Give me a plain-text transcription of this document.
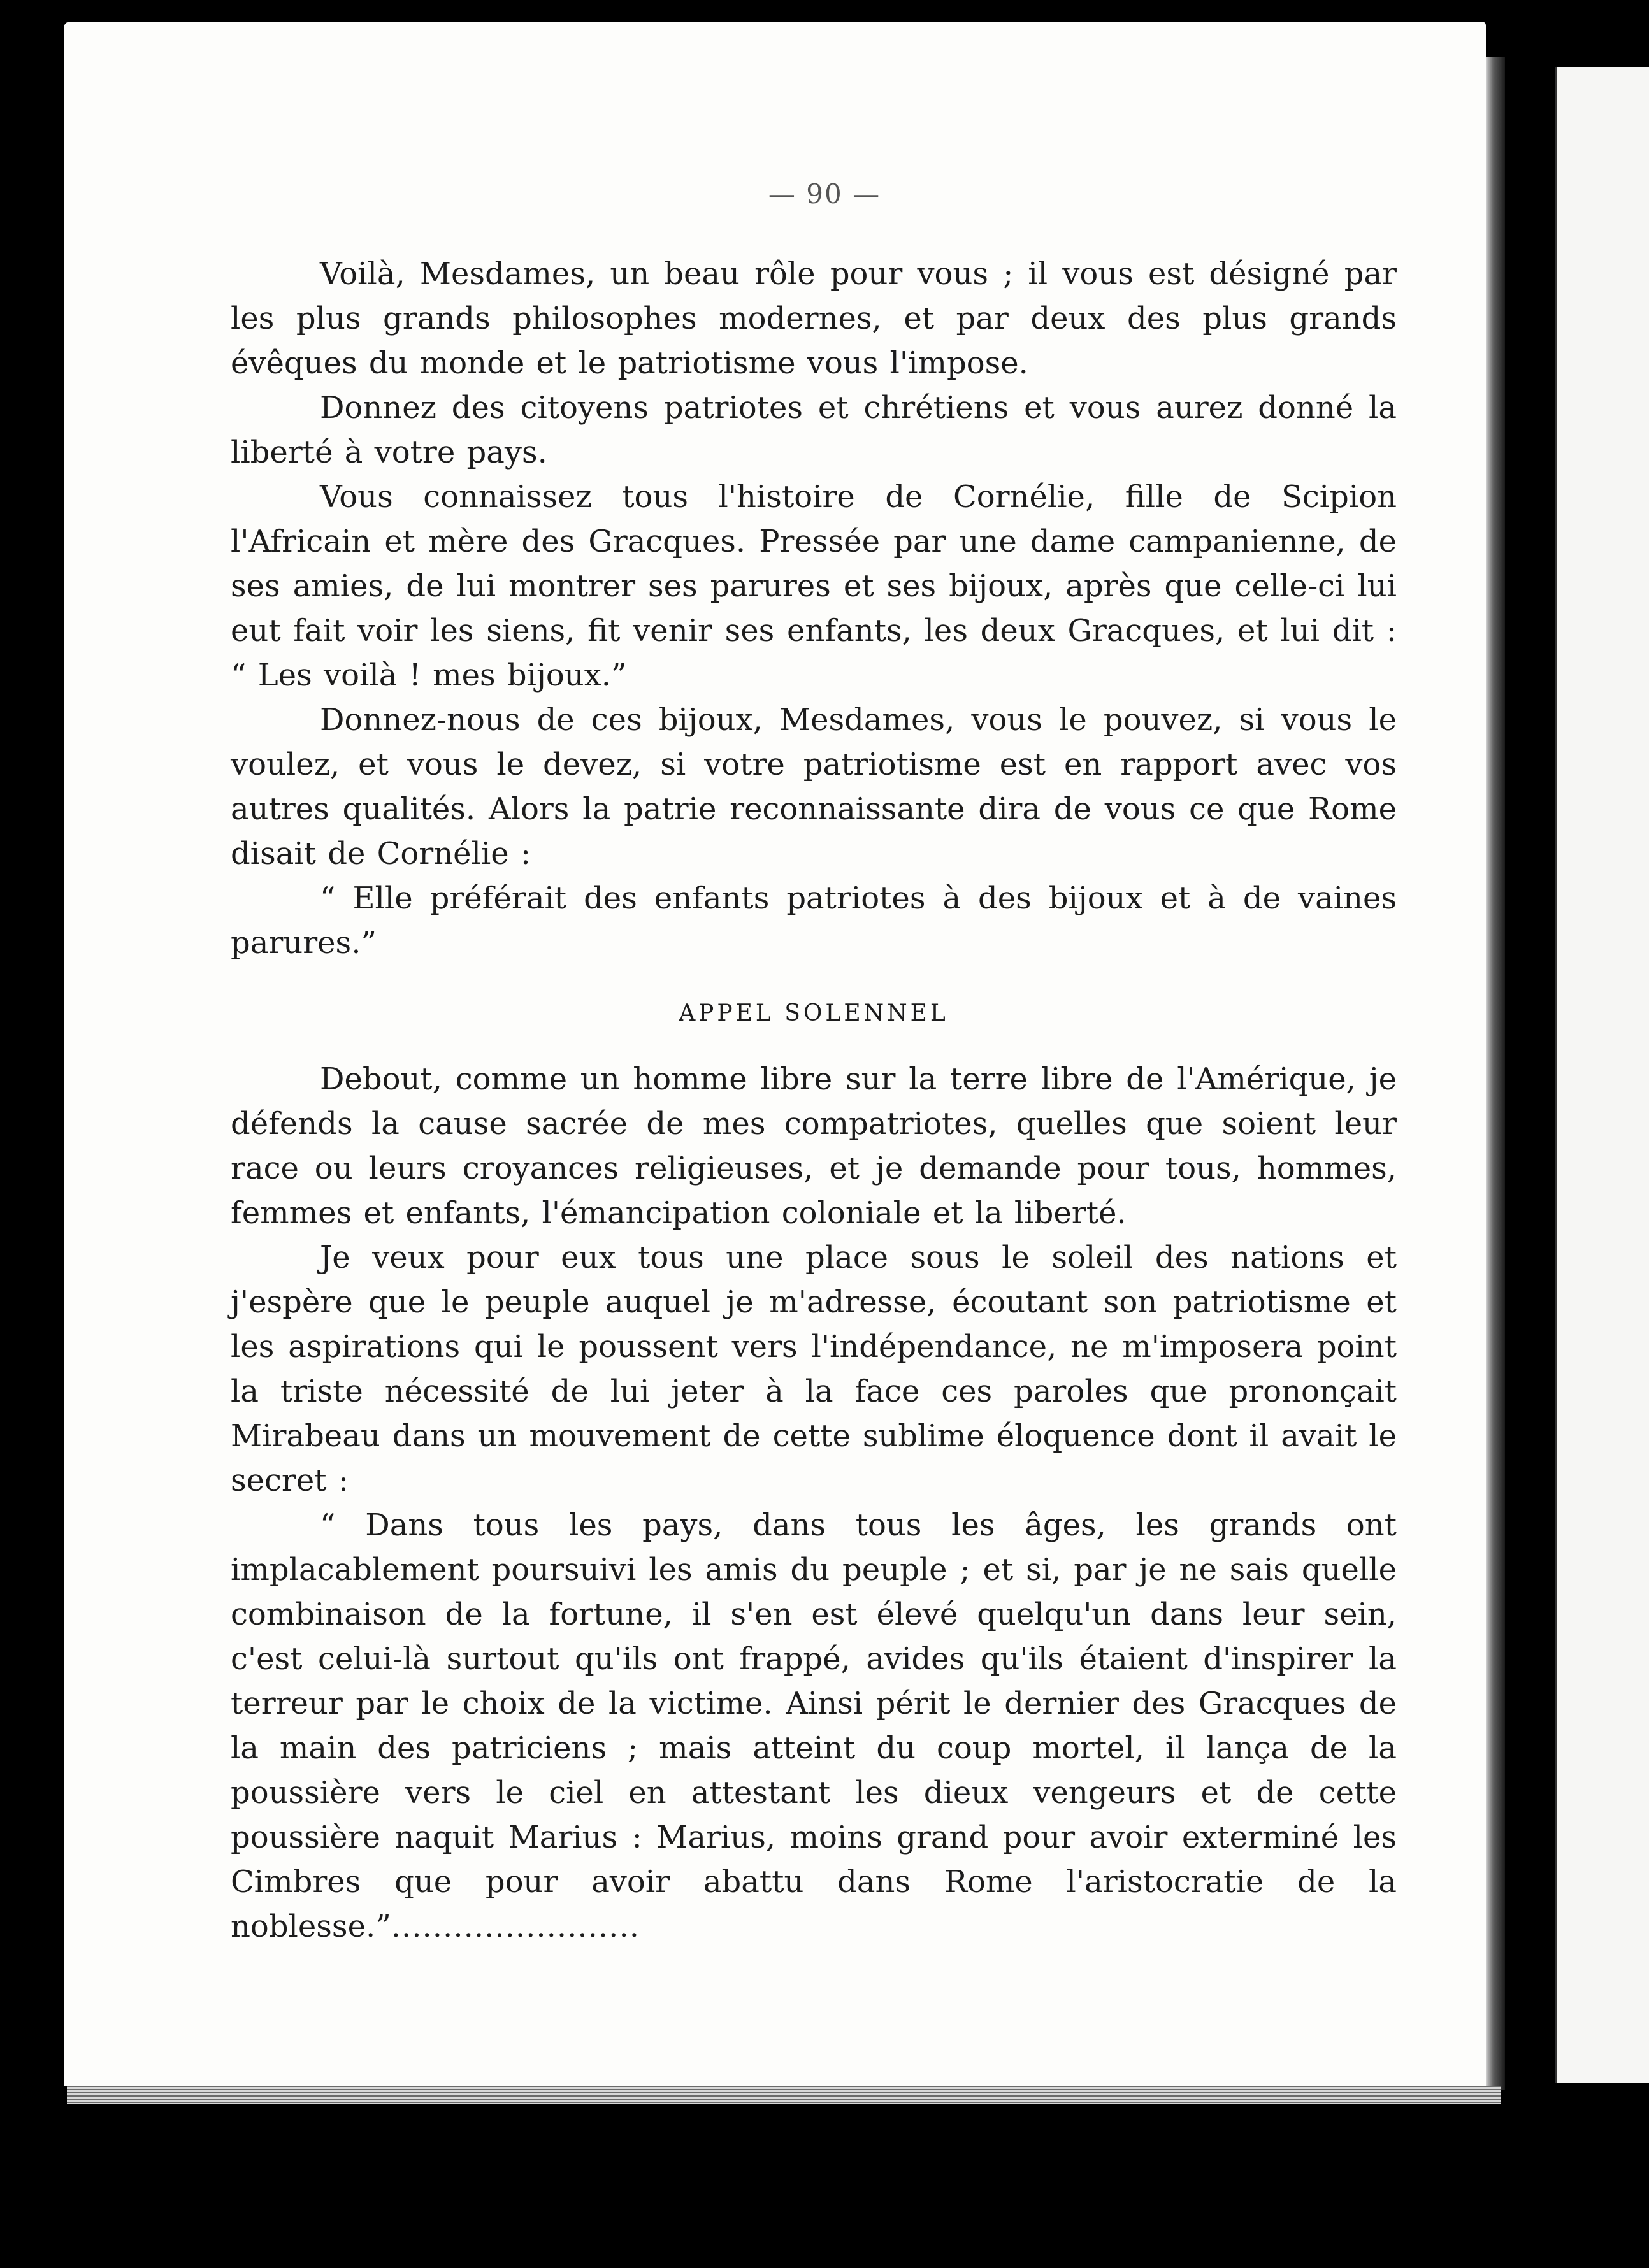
— 90 —

Voilà, Mesdames, un beau rôle pour vous ; il vous est désigné par les plus grands philosophes modernes, et par deux des plus grands évêques du monde et le patriotisme vous l'impose.

Donnez des citoyens patriotes et chrétiens et vous aurez donné la liberté à votre pays.

Vous connaissez tous l'histoire de Cornélie, fille de Scipion l'Africain et mère des Gracques. Pressée par une dame campanienne, de ses amies, de lui montrer ses parures et ses bijoux, après que celle-ci lui eut fait voir les siens, fit venir ses enfants, les deux Gracques, et lui dit : “ Les voilà ! mes bijoux.”

Donnez-nous de ces bijoux, Mesdames, vous le pouvez, si vous le voulez, et vous le devez, si votre patriotisme est en rapport avec vos autres qualités. Alors la patrie reconnaissante dira de vous ce que Rome disait de Cornélie :

“ Elle préférait des enfants patriotes à des bijoux et à de vaines parures.”

APPEL SOLENNEL

Debout, comme un homme libre sur la terre libre de l'Amérique, je défends la cause sacrée de mes compatriotes, quelles que soient leur race ou leurs croyances religieuses, et je demande pour tous, hommes, femmes et enfants, l'émancipation coloniale et la liberté.

Je veux pour eux tous une place sous le soleil des nations et j'espère que le peuple auquel je m'adresse, écoutant son patriotisme et les aspirations qui le poussent vers l'indépendance, ne m'imposera point la triste nécessité de lui jeter à la face ces paroles que prononçait Mirabeau dans un mouvement de cette sublime éloquence dont il avait le secret :

“ Dans tous les pays, dans tous les âges, les grands ont implacablement poursuivi les amis du peuple ; et si, par je ne sais quelle combinaison de la fortune, il s'en est élevé quelqu'un dans leur sein, c'est celui-là surtout qu'ils ont frappé, avides qu'ils étaient d'inspirer la terreur par le choix de la victime. Ainsi périt le dernier des Gracques de la main des patriciens ; mais atteint du coup mortel, il lança de la poussière vers le ciel en attestant les dieux vengeurs et de cette poussière naquit Marius : Marius, moins grand pour avoir exterminé les Cimbres que pour avoir abattu dans Rome l'aristocratie de la noblesse.”........................
